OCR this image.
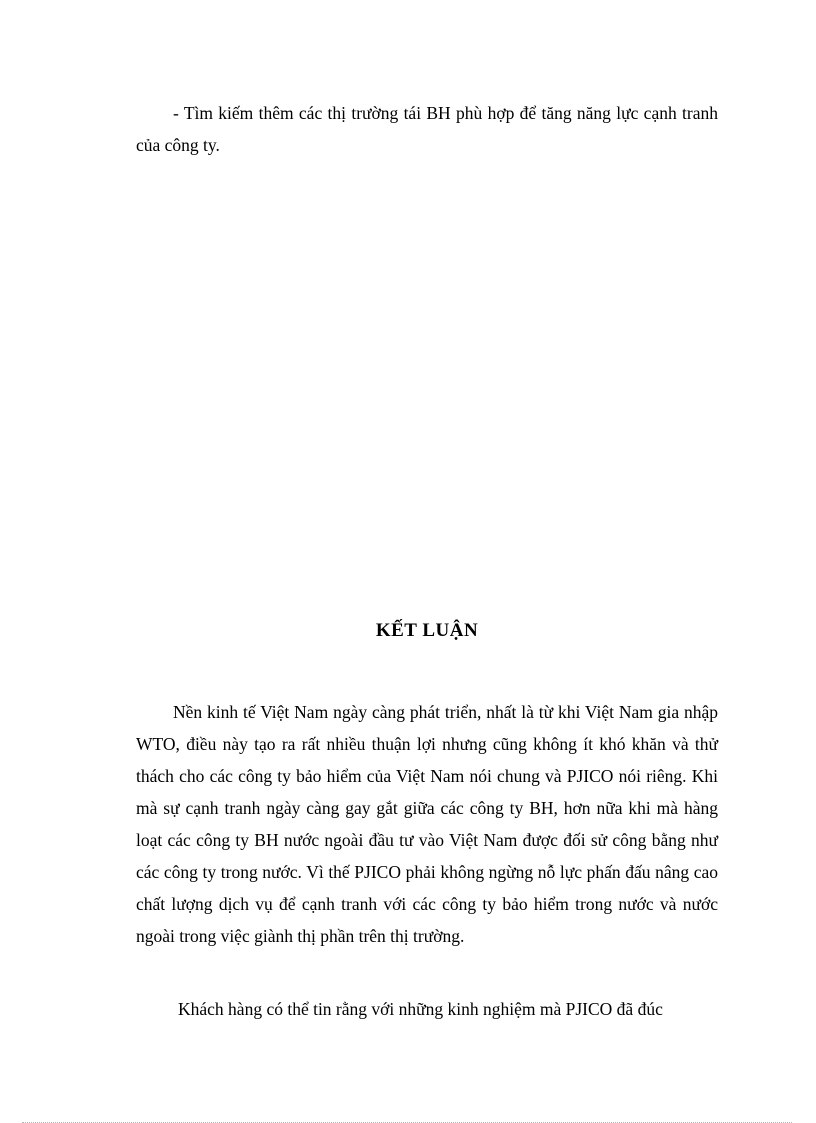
- Tìm kiếm thêm các thị trường tái BH phù hợp để tăng năng lực cạnh tranh của công ty.

KẾT LUẬN

Nền kinh tế Việt Nam ngày càng phát triển, nhất là từ khi Việt Nam gia nhập WTO, điều này tạo ra rất nhiều thuận lợi nhưng cũng không ít khó khăn và thử thách cho các công ty bảo hiểm của Việt Nam nói chung và PJICO nói riêng. Khi mà sự cạnh tranh ngày càng gay gắt giữa các công ty BH, hơn nữa khi mà hàng loạt các công ty BH nước ngoài đầu tư vào Việt Nam được đối sử công bằng như các công ty trong nước. Vì thế PJICO phải không ngừng nỗ lực phấn đấu nâng cao chất lượng dịch vụ để cạnh tranh với các công ty bảo hiểm trong nước và nước ngoài trong việc giành thị phần trên thị trường.

Khách hàng có thể tin rằng với những kinh nghiệm mà PJICO đã đúc
